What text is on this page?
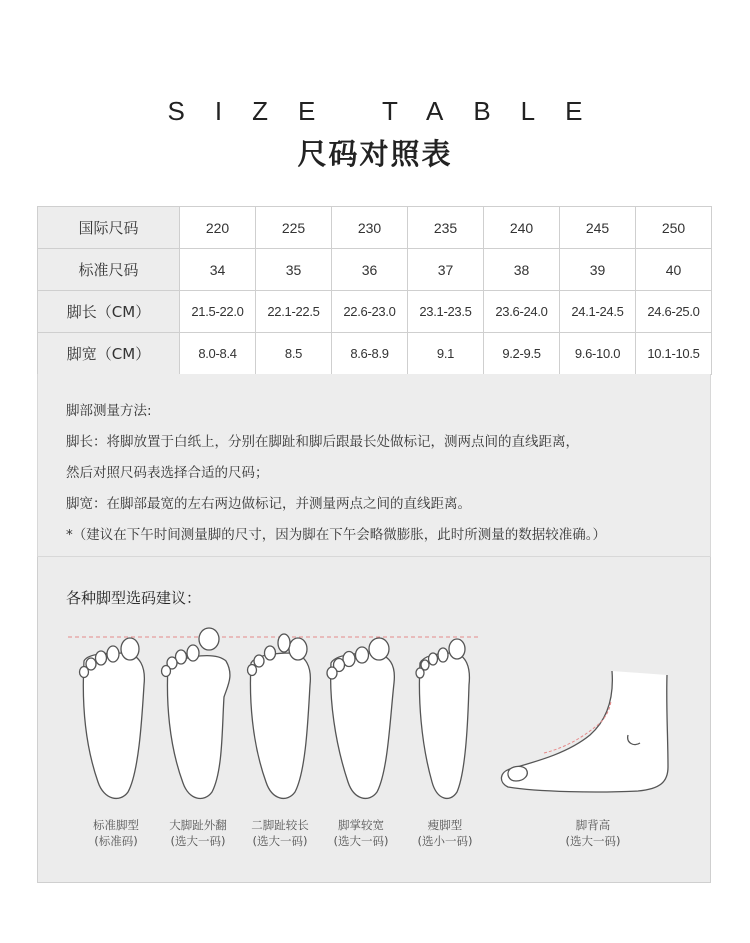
SIZE TABLE
尺码对照表
国际尺码	220	225	230	235	240	245	250
标准尺码	34	35	36	37	38	39	40
脚长（CM）	21.5-22.0	22.1-22.5	22.6-23.0	23.1-23.5	23.6-24.0	24.1-24.5	24.6-25.0
脚宽（CM）	8.0-8.4	8.5	8.6-8.9	9.1	9.2-9.5	9.6-10.0	10.1-10.5

脚部测量方法:

脚长：将脚放置于白纸上，分别在脚趾和脚后跟最长处做标记，测两点间的直线距离，

然后对照尺码表选择合适的尺码；

脚宽：在脚部最宽的左右两边做标记，并测量两点之间的直线距离。

*（建议在下午时间测量脚的尺寸，因为脚在下午会略微膨胀，此时所测量的数据较准确。）

各种脚型选码建议：
标准脚型
(标准码)
大脚趾外翻
(选大一码)
二脚趾较长
(选大一码)
脚掌较宽
(选大一码)
瘦脚型
(选小一码)
脚背高
(选大一码)
